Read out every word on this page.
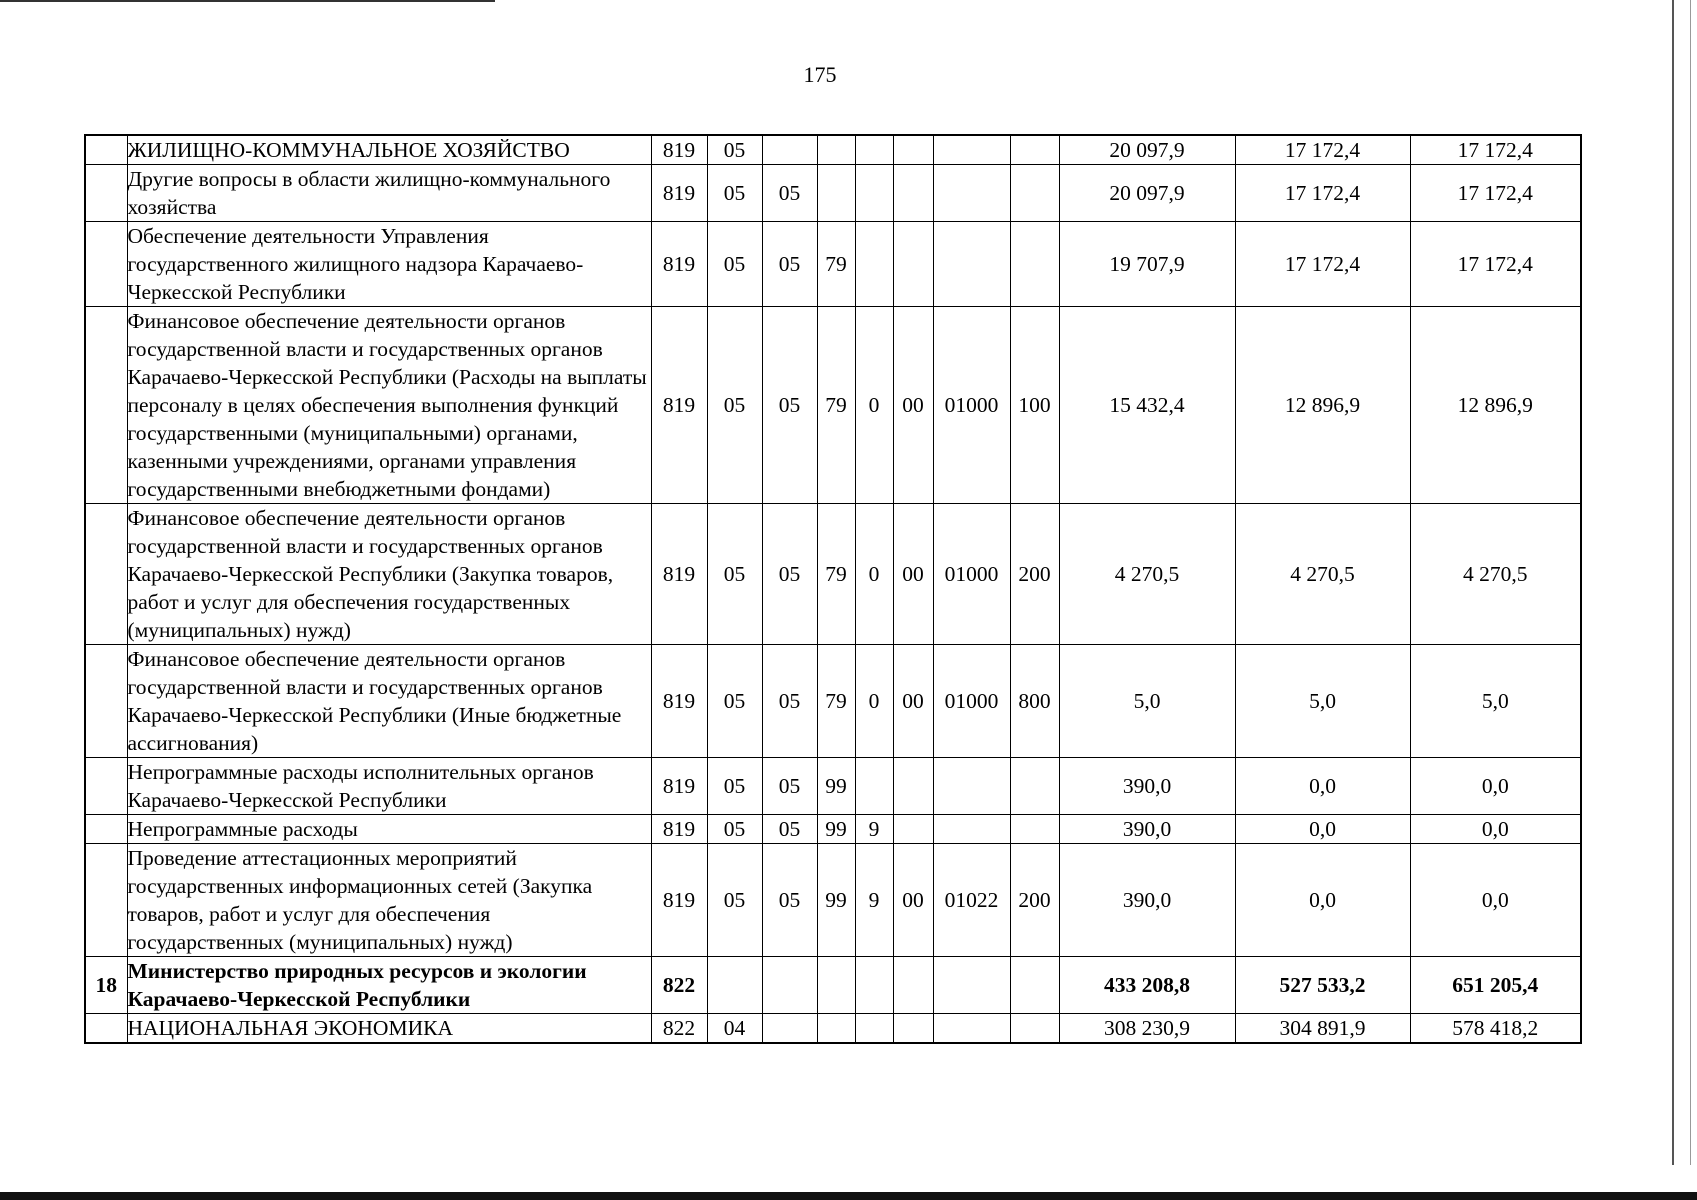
175
	ЖИЛИЩНО-КОММУНАЛЬНОЕ ХОЗЯЙСТВО	819	05							20 097,9	17 172,4	17 172,4
	Другие вопросы в области жилищно-коммунального хозяйства	819	05	05						20 097,9	17 172,4	17 172,4
	Обеспечение деятельности Управления государственного жилищного надзора Карачаево-Черкесской Республики	819	05	05	79					19 707,9	17 172,4	17 172,4
	Финансовое обеспечение деятельности органов государственной власти и государственных органов Карачаево-Черкесской Республики (Расходы на выплаты персоналу в целях обеспечения выполнения функций государственными (муниципальными) органами, казенными учреждениями, органами управления государственными внебюджетными фондами)	819	05	05	79	0	00	01000	100	15 432,4	12 896,9	12 896,9
	Финансовое обеспечение деятельности органов государственной власти и государственных органов Карачаево-Черкесской Республики (Закупка товаров, работ и услуг для обеспечения государственных (муниципальных) нужд)	819	05	05	79	0	00	01000	200	4 270,5	4 270,5	4 270,5
	Финансовое обеспечение деятельности органов государственной власти и государственных органов Карачаево-Черкесской Республики (Иные бюджетные ассигнования)	819	05	05	79	0	00	01000	800	5,0	5,0	5,0
	Непрограммные расходы исполнительных органов Карачаево-Черкесской Республики	819	05	05	99					390,0	0,0	0,0
	Непрограммные расходы	819	05	05	99	9				390,0	0,0	0,0
	Проведение аттестационных мероприятий государственных информационных сетей (Закупка товаров, работ и услуг для обеспечения государственных (муниципальных) нужд)	819	05	05	99	9	00	01022	200	390,0	0,0	0,0
18	Министерство природных ресурсов и экологии Карачаево-Черкесской Республики	822								433 208,8	527 533,2	651 205,4
	НАЦИОНАЛЬНАЯ ЭКОНОМИКА	822	04							308 230,9	304 891,9	578 418,2
